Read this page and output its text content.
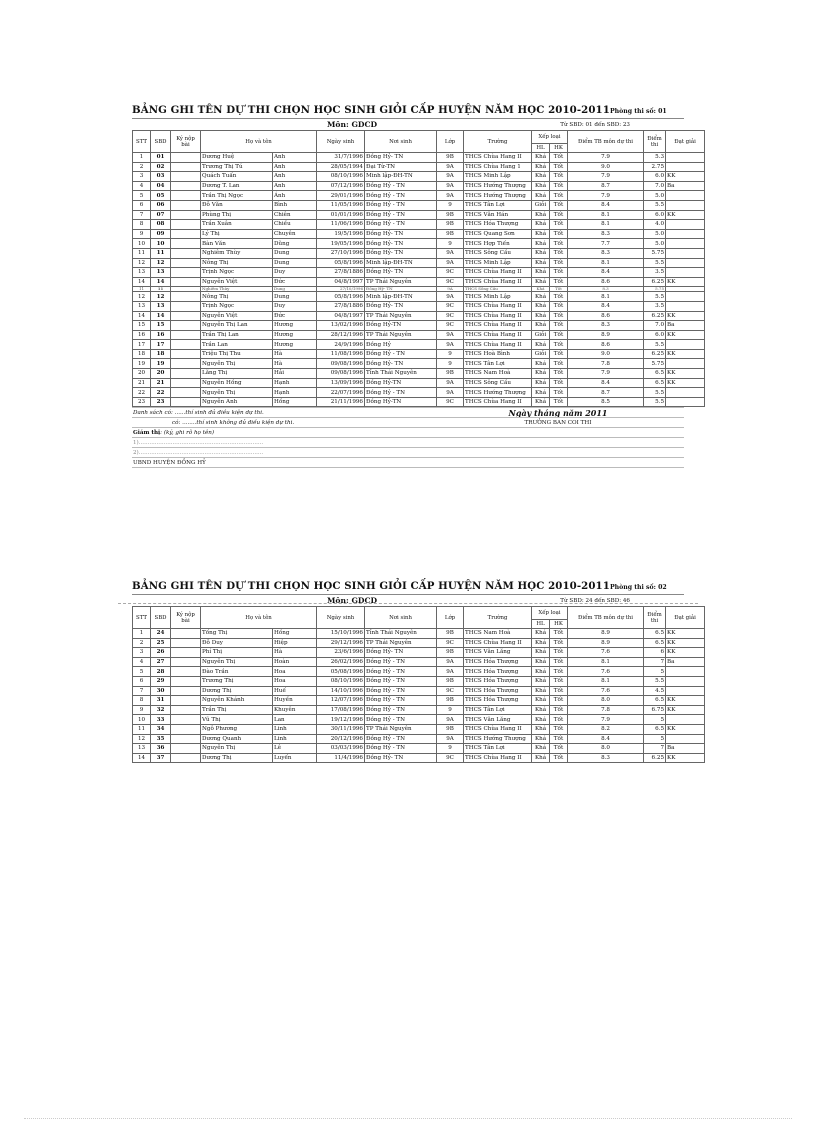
BẢNG GHI TÊN DỰ THI CHỌN HỌC SINH GIỎI CẤP HUYỆN NĂM HỌC 2010-2011 Phòng thi số: 01
Môn: GDCD	Từ SBD: 01 đến SBD: 23
STT	SBD	Ký nộp bài	Họ và tên		Ngày sinh	Nơi sinh	Lớp	Trường	Xếp loại		Điểm TB môn dự thi	Điểm thi	Đạt giải
									HL	HK			
1	01		Dương Huệ	Anh	31/7/1996	Đồng Hỷ- TN	9B	THCS Chùa Hang II	Khá	Tốt	7.9	5.3	
2	02		Trương Thị Tú	Anh	28/05/1994	Đại Từ-TN	9A	THCS Chùa Hang 1	Khá	Tốt	9.0	2.75	
3	03		Quách Tuấn	Anh	08/10/1996	Minh lập-ĐH-TN	9A	THCS Minh Lập	Khá	Tốt	7.9	6.0	KK
4	04		Dương T. Lan	Anh	07/12/1996	Đồng Hỷ - TN	9A	THCS Hướng Thượng	Khá	Tốt	8.7	7.0	Ba
5	05		Trần Thị Ngọc	Ánh	29/01/1996	Đồng Hỷ - TN	9A	THCS Hướng Thượng	Khá	Tốt	7.9	5.0	
6	06		Đỗ Văn	Bình	11/05/1996	Đồng Hỷ - TN	9	THCS Tân Lợi	Giỏi	Tốt	8.4	5.5	
7	07		Phùng Thị	Chiên	01/01/1996	Đồng Hỷ - TN	9B	THCS Văn Hán	Khá	Tốt	8.1	6.0	KK
8	08		Trần Xuân	Chiều	11/06/1996	Đồng Hỷ - TN	9B	THCS Hóa Thượng	Khá	Tốt	8.1	4.0	
9	09		Lý Thị	Chuyên	19/5/1996	Đồng Hỷ- TN	9B	THCS Quang Sơn	Khá	Tốt	8.3	5.0	
10	10		Bàn Văn	Dũng	19/05/1996	Đồng Hỷ- TN	9	THCS Hợp Tiến	Khá	Tốt	7.7	5.0	
11	11		Nghiêm Thùy	Dung	27/10/1996	Đồng Hỷ- TN	9A	THCS Sông Cầu	Khá	Tốt	8.3	5.75	
12	12		Nông Thị	Dung	05/8/1996	Minh lập-ĐH-TN	9A	THCS Minh Lập	Khá	Tốt	8.1	5.5	
13	13		Trịnh Ngọc	Duy	27/8/1886	Đồng Hỷ- TN	9C	THCS Chùa Hang II	Khá	Tốt	8.4	3.5	
14	14		Nguyễn Việt	Đức	04/8/1997	TP Thái Nguyên	9C	THCS Chùa Hang II	Khá	Tốt	8.6	6.25	KK
11	11		Nghiêm Thùy	Dung	27/10/1996	Đồng Hỷ- TN	9A	THCS Sông Cầu	Khá	Tốt	8.3	5.75	
12	12		Nông Thị	Dung	05/8/1996	Minh lập-ĐH-TN	9A	THCS Minh Lập	Khá	Tốt	8.1	5.5	
13	13		Trịnh Ngọc	Duy	27/8/1886	Đồng Hỷ- TN	9C	THCS Chùa Hang II	Khá	Tốt	8.4	3.5	
14	14		Nguyễn Việt	Đức	04/8/1997	TP Thái Nguyên	9C	THCS Chùa Hang II	Khá	Tốt	8.6	6.25	KK
15	15		Nguyễn Thị Lan	Hương	13/02/1996	Đồng Hỷ-TN	9C	THCS Chùa Hang II	Khá	Tốt	8.3	7.0	Ba
16	16		Trần Thị Lan	Hương	28/12/1996	TP Thái Nguyên	9A	THCS Chùa Hang II	Giỏi	Tốt	8.9	6.0	KK
17	17		Trần Lan	Hương	24/9/1996	Đồng Hỷ	9A	THCS Chùa Hang II	Khá	Tốt	8.6	5.5	
18	18		Triệu Thị Thu	Hà	11/08/1996	Đồng Hỷ - TN	9	THCS Hoà Bình	Giỏi	Tốt	9.0	6.25	KK
19	19		Nguyễn Thị	Hà	09/08/1996	Đồng Hỷ- TN	9	THCS Tân Lợi	Khá	Tốt	7.8	5.75	
20	20		Lăng Thị	Hải	09/08/1996	Tỉnh Thái Nguyên	9B	THCS Nam Hoà	Khá	Tốt	7.9	6.5	KK
21	21		Nguyễn Hồng	Hạnh	13/09/1996	Đồng Hỷ-TN	9A	THCS Sông Cầu	Khá	Tốt	8.4	6.5	KK
22	22		Nguyễn Thị	Hạnh	22/07/1996	Đồng Hỷ - TN	9A	THCS Hướng Thượng	Khá	Tốt	8.7	5.5	
23	23		Nguyễn Anh	Hồng	21/11/1996	Đồng Hỷ-TN	9C	THCS Chùa Hang II	Khá	Tốt	8.5	5.5	
Danh sách có: ......thí sinh đủ điều kiện dự thi.	Ngày tháng năm 2011
có: ........thí sinh không đủ điều kiện dự thi.	TRƯỞNG BAN COI THI
Giám thị: (ký, ghi rõ họ tên)	
1)......................................................................	
2)......................................................................	
UBND HUYỆN ĐỒNG HỶ	
BẢNG GHI TÊN DỰ THI CHỌN HỌC SINH GIỎI CẤP HUYỆN NĂM HỌC 2010-2011 Phòng thi số: 02
Môn: GDCD	Từ SBD: 24 đến SBD: 46
STT	SBD	Ký nộp bài	Họ và tên		Ngày sinh	Nơi sinh	Lớp	Trường	Xếp loại		Điểm TB môn dự thi	Điểm thi	Đạt giải
									HL	HK			
1	24		Tống Thị	Hồng	15/10/1996	Tỉnh Thái Nguyên	9B	THCS Nam Hoà	Khá	Tốt	8.9	6.5	KK
2	25		Đỗ Duy	Hiệp	29/12/1996	TP Thái Nguyên	9C	THCS Chùa Hang II	Khá	Tốt	8.9	6.5	KK
3	26		Phí Thị	Hà	23/6/1996	Đồng Hỷ- TN	9B	THCS Văn Lăng	Khá	Tốt	7.6	6	KK
4	27		Nguyễn Thị	Hoàn	26/02/1996	Đồng Hỷ - TN	9A	THCS Hóa Thượng	Khá	Tốt	8.1	7	Ba
5	28		Đào Trần	Hoa	05/08/1996	Đồng Hỷ - TN	9A	THCS Hóa Thượng	Khá	Tốt	7.6	5	
6	29		Trương Thị	Hoa	08/10/1996	Đồng Hỷ - TN	9B	THCS Hóa Thượng	Khá	Tốt	8.1	5.5	
7	30		Dương Thị	Huế	14/10/1996	Đồng Hỷ - TN	9C	THCS Hóa Thượng	Khá	Tốt	7.6	4.5	
8	31		Nguyễn Khánh	Huyền	12/07/1996	Đồng Hỷ - TN	9B	THCS Hóa Thượng	Khá	Tốt	8.0	6.5	KK
9	32		Trần Thị	Khuyên	17/08/1996	Đồng Hỷ - TN	9	THCS Tân Lợi	Khá	Tốt	7.8	6.75	KK
10	33		Vũ Thị	Lan	19/12/1996	Đồng Hỷ - TN	9A	THCS Văn Lăng	Khá	Tốt	7.9	5	
11	34		Ngô Phương	Linh	30/11/1996	TP Thái Nguyên	9B	THCS Chùa Hang II	Khá	Tốt	8.2	6.5	KK
12	35		Dương Quanh	Linh	20/12/1996	Đồng Hỷ - TN	9A	THCS Hướng Thượng	Khá	Tốt	8.4	5	
13	36		Nguyễn Thị	Lê	03/03/1996	Đồng Hỷ - TN	9	THCS Tân Lợi	Khá	Tốt	8.0	7	Ba
14	37		Dương Thị	Luyến	11/4/1996	Đồng Hỷ- TN	9C	THCS Chùa Hang II	Khá	Tốt	8.3	6.25	KK
